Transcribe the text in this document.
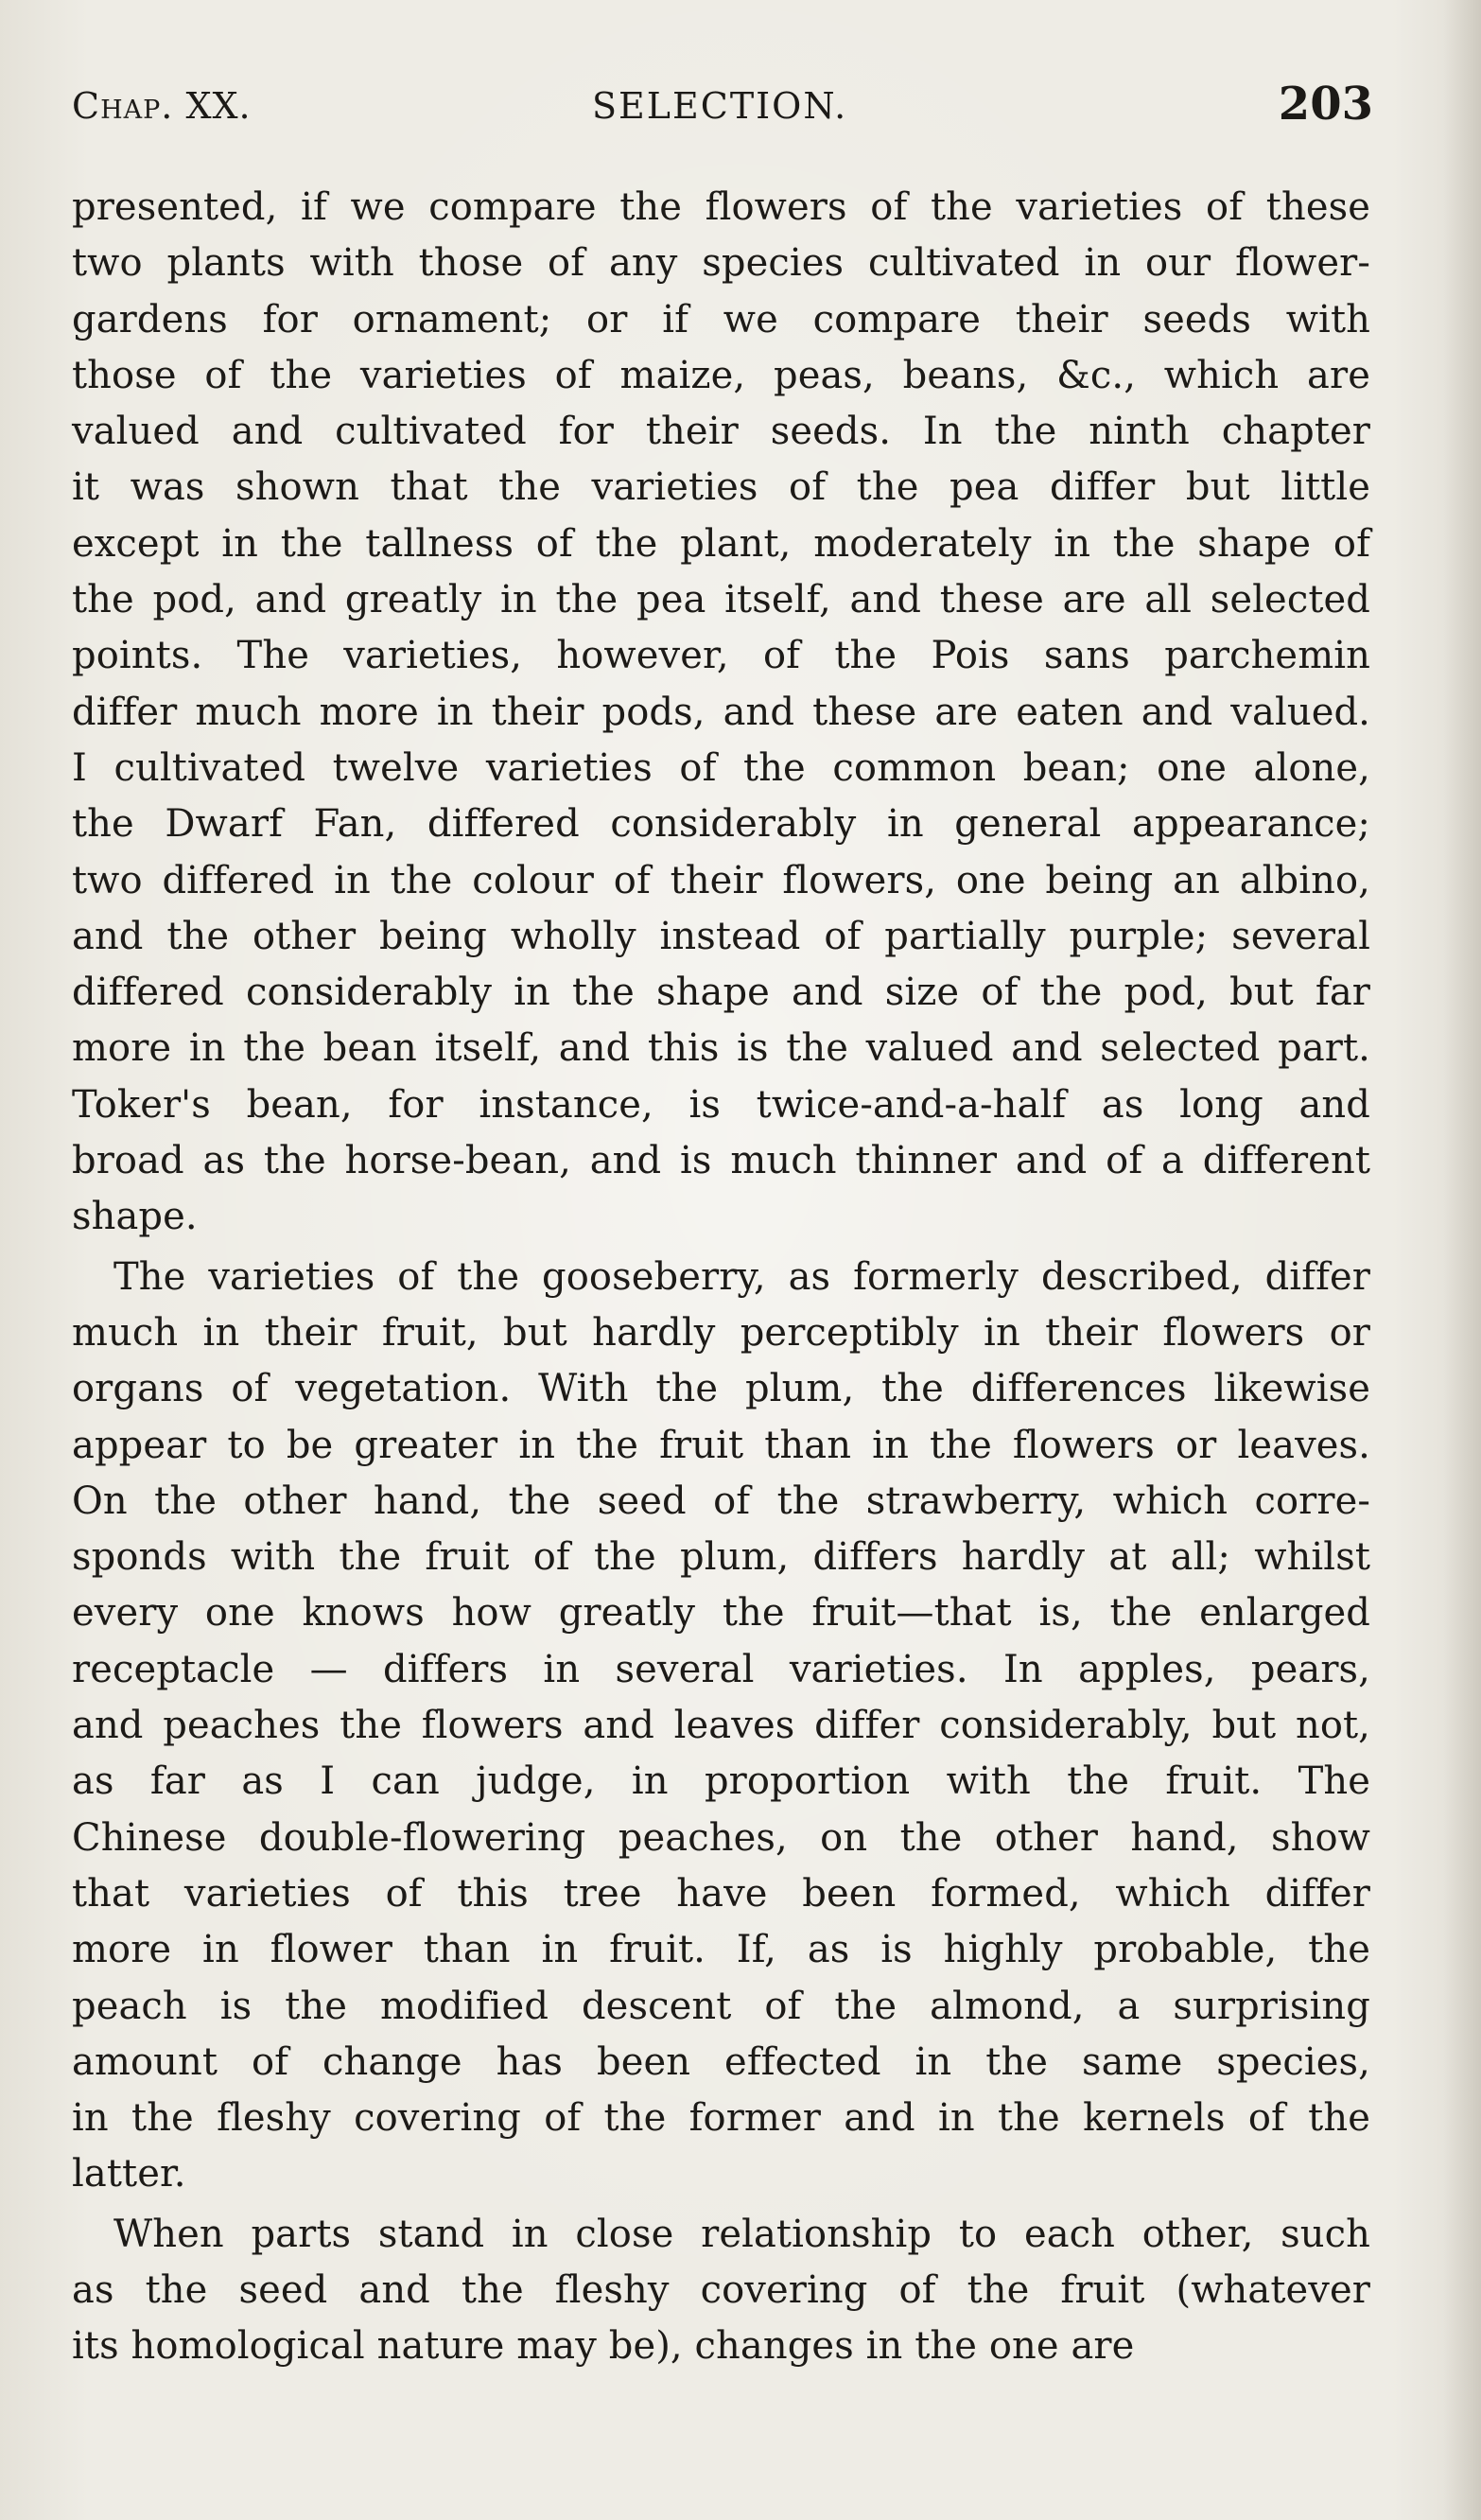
Chap. XX.	SELECTION.	203
presented, if we compare the flowers of the varieties of these
two plants with those of any species cultivated in our flower-
gardens for ornament; or if we compare their seeds with
those of the varieties of maize, peas, beans, &c., which are
valued and cultivated for their seeds. In the ninth chapter
it was shown that the varieties of the pea differ but little
except in the tallness of the plant, moderately in the shape of
the pod, and greatly in the pea itself, and these are all selected
points. The varieties, however, of the Pois sans parchemin
differ much more in their pods, and these are eaten and valued.
I cultivated twelve varieties of the common bean; one alone,
the Dwarf Fan, differed considerably in general appearance;
two differed in the colour of their flowers, one being an albino,
and the other being wholly instead of partially purple; several
differed considerably in the shape and size of the pod, but far
more in the bean itself, and this is the valued and selected part.
Toker's bean, for instance, is twice-and-a-half as long and
broad as the horse-bean, and is much thinner and of a different
shape.
The varieties of the gooseberry, as formerly described, differ
much in their fruit, but hardly perceptibly in their flowers or
organs of vegetation. With the plum, the differences likewise
appear to be greater in the fruit than in the flowers or leaves.
On the other hand, the seed of the strawberry, which corre-
sponds with the fruit of the plum, differs hardly at all; whilst
every one knows how greatly the fruit—that is, the enlarged
receptacle — differs in several varieties. In apples, pears,
and peaches the flowers and leaves differ considerably, but not,
as far as I can judge, in proportion with the fruit. The
Chinese double-flowering peaches, on the other hand, show
that varieties of this tree have been formed, which differ
more in flower than in fruit. If, as is highly probable, the
peach is the modified descent of the almond, a surprising
amount of change has been effected in the same species,
in the fleshy covering of the former and in the kernels of the
latter.
When parts stand in close relationship to each other, such
as the seed and the fleshy covering of the fruit (whatever
its homological nature may be), changes in the one are
